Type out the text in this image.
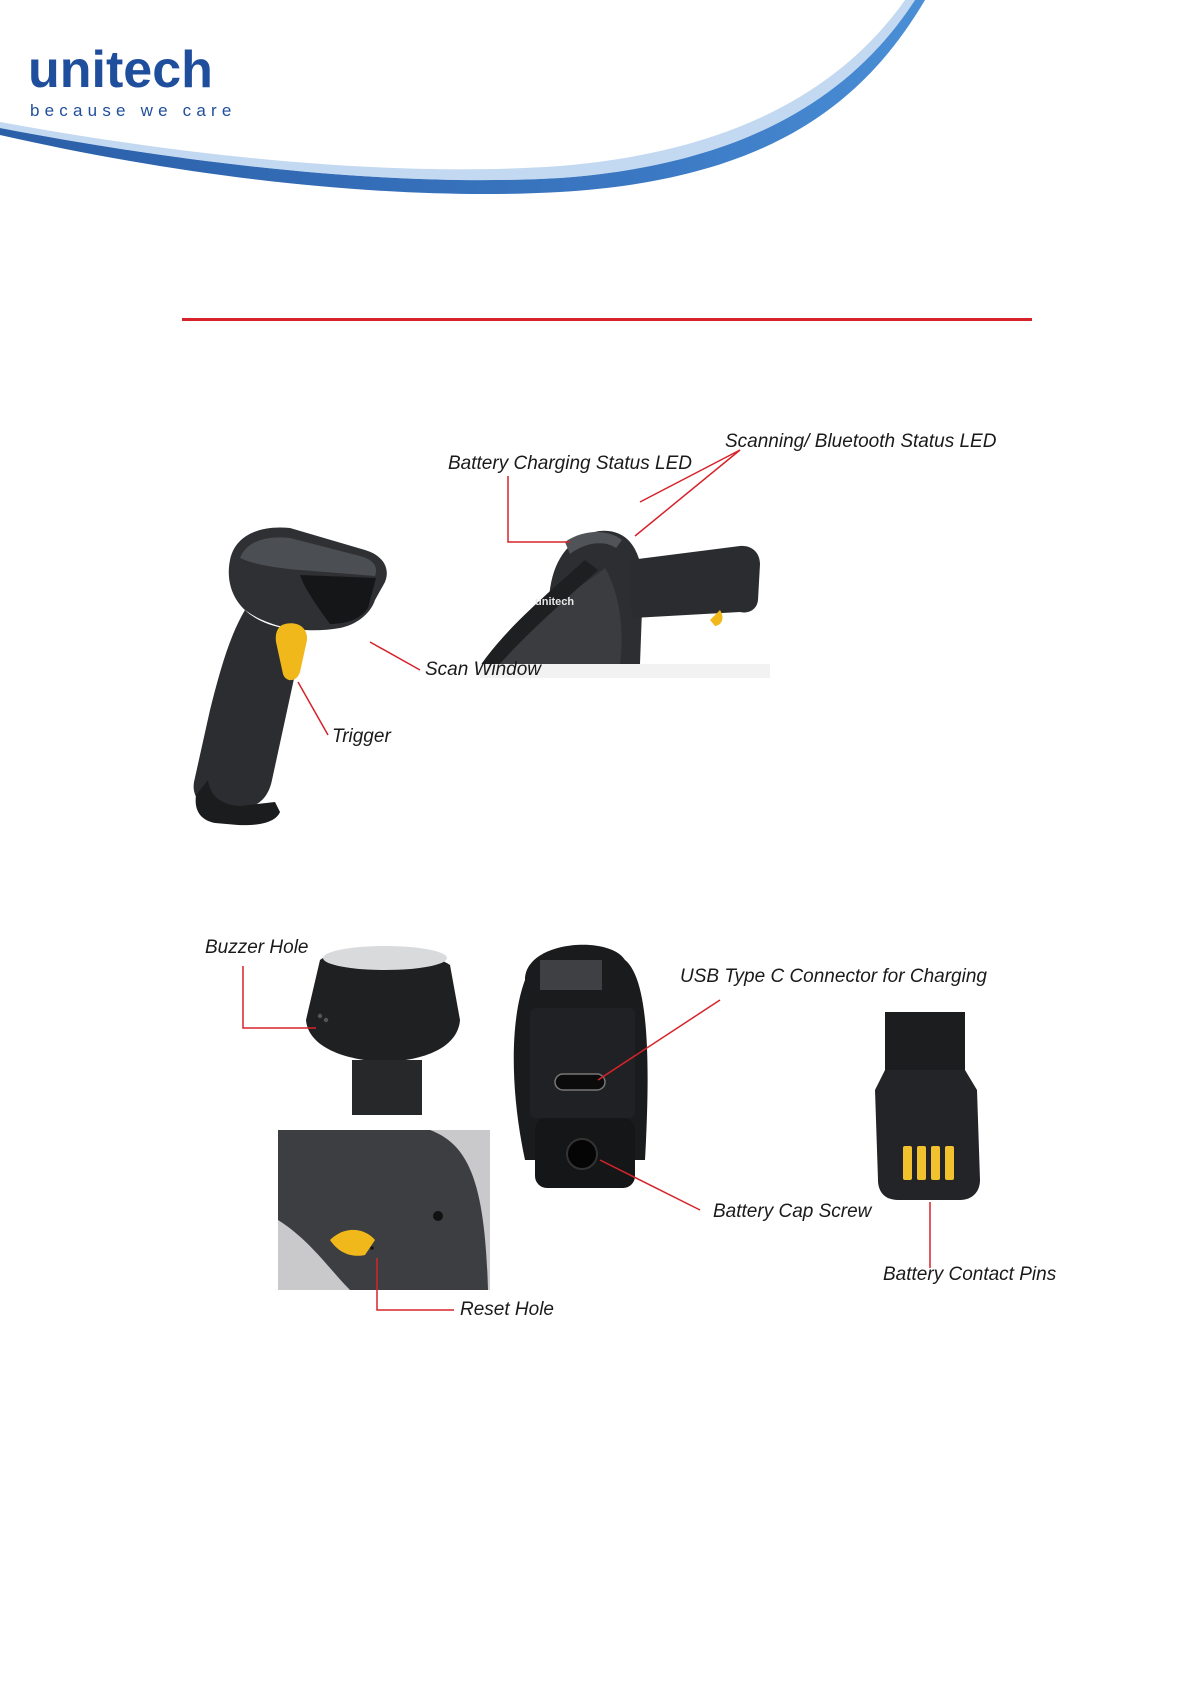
unitech
because we care
unitech
Battery Charging Status LED
Scanning/ Bluetooth Status LED
Scan Window
Trigger
Buzzer Hole
USB Type C Connector for Charging
Battery Cap Screw
Battery Contact Pins
Reset Hole
